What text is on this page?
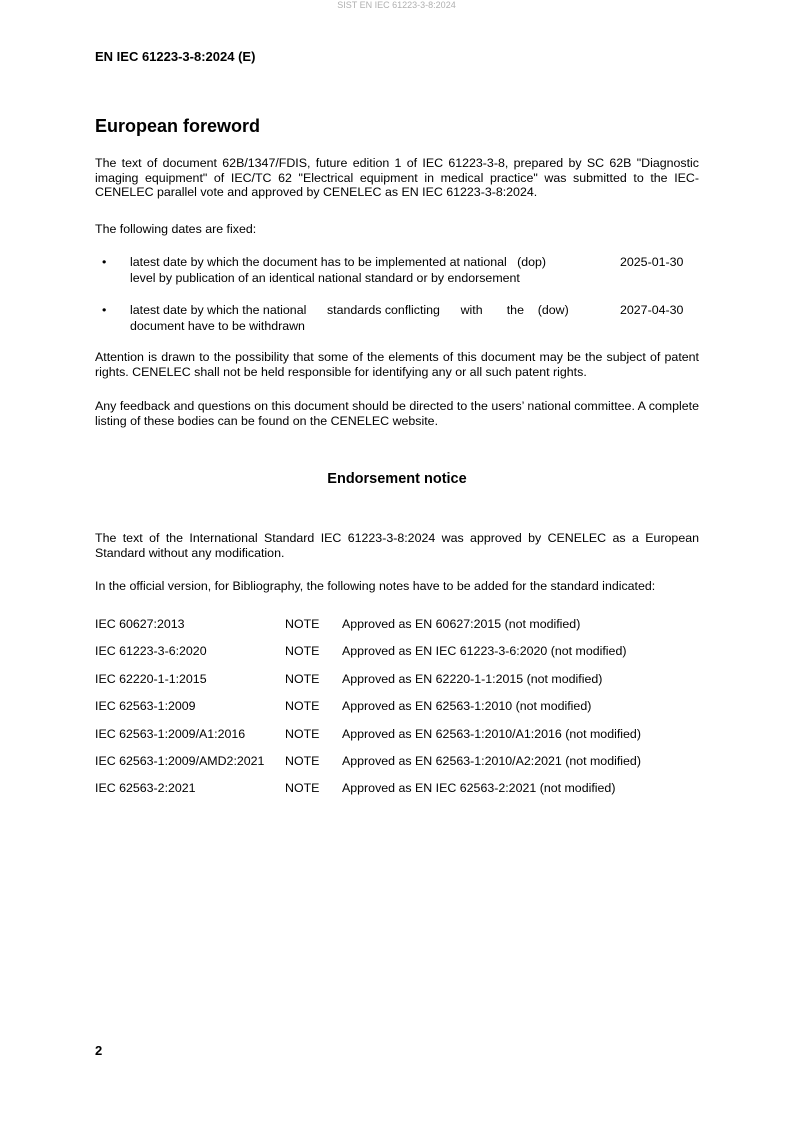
SIST EN IEC 61223-3-8:2024
EN IEC 61223-3-8:2024 (E)
European foreword
The text of document 62B/1347/FDIS, future edition 1 of IEC 61223-3-8, prepared by SC 62B "Diagnostic imaging equipment" of IEC/TC 62 "Electrical equipment in medical practice" was submitted to the IEC-CENELEC parallel vote and approved by CENELEC as EN IEC 61223-3-8:2024.
The following dates are fixed:
• latest date by which the document has to be implemented at national   (dop)	2025-01-30
level by publication of an identical national standard or by endorsement
• latest date by which the national      standards conflicting      with       the    (dow)	2027-04-30
document have to be withdrawn
Attention is drawn to the possibility that some of the elements of this document may be the subject of patent rights. CENELEC shall not be held responsible for identifying any or all such patent rights.
Any feedback and questions on this document should be directed to the users’ national committee. A complete listing of these bodies can be found on the CENELEC website.
Endorsement notice
The text of the International Standard IEC 61223-3-8:2024 was approved by CENELEC as a European Standard without any modification.
In the official version, for Bibliography, the following notes have to be added for the standard indicated:
IEC 60627:2013	NOTE Approved as EN 60627:2015 (not modified)
IEC 61223-3-6:2020	NOTE Approved as EN IEC 61223-3-6:2020 (not modified)
IEC 62220-1-1:2015	NOTE Approved as EN 62220-1-1:2015 (not modified)
IEC 62563-1:2009	NOTE Approved as EN 62563-1:2010 (not modified)
IEC 62563-1:2009/A1:2016	NOTE Approved as EN 62563-1:2010/A1:2016 (not modified)
IEC 62563-1:2009/AMD2:2021 NOTE Approved as EN 62563-1:2010/A2:2021 (not modified)
IEC 62563-2:2021	NOTE Approved as EN IEC 62563-2:2021 (not modified)
2
